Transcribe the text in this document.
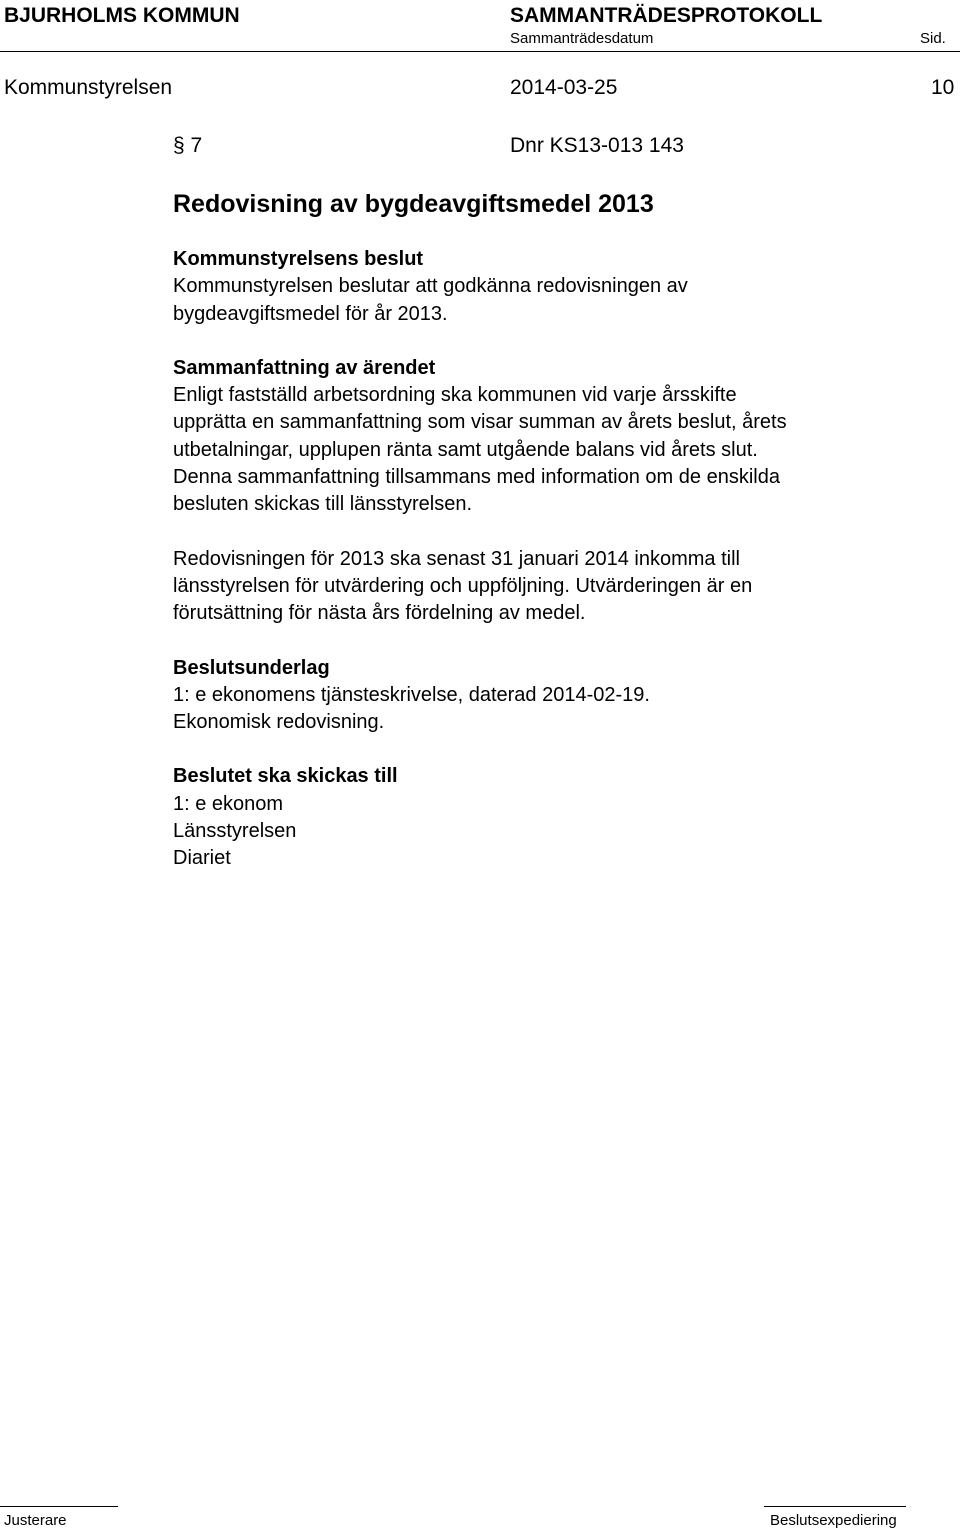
BJURHOLMS KOMMUN	SAMMANTRÄDESPROTOKOLL
Sammanträdesdatum	Sid.
Kommunstyrelsen	2014-03-25	10
§ 7	Dnr KS13-013 143
Redovisning av bygdeavgiftsmedel 2013
Kommunstyrelsens beslut

Kommunstyrelsen beslutar att godkänna redovisningen av

bygdeavgiftsmedel för år 2013.

Sammanfattning av ärendet

Enligt fastställd arbetsordning ska kommunen vid varje årsskifte

upprätta en sammanfattning som visar summan av årets beslut, årets

utbetalningar, upplupen ränta samt utgående balans vid årets slut.

Denna sammanfattning tillsammans med information om de enskilda

besluten skickas till länsstyrelsen.

Redovisningen för 2013 ska senast 31 januari 2014 inkomma till

länsstyrelsen för utvärdering och uppföljning. Utvärderingen är en

förutsättning för nästa års fördelning av medel.

Beslutsunderlag

1: e ekonomens tjänsteskrivelse, daterad 2014-02-19.

Ekonomisk redovisning.

Beslutet ska skickas till

1: e ekonom

Länsstyrelsen

Diariet

Justerare	Beslutsexpediering
